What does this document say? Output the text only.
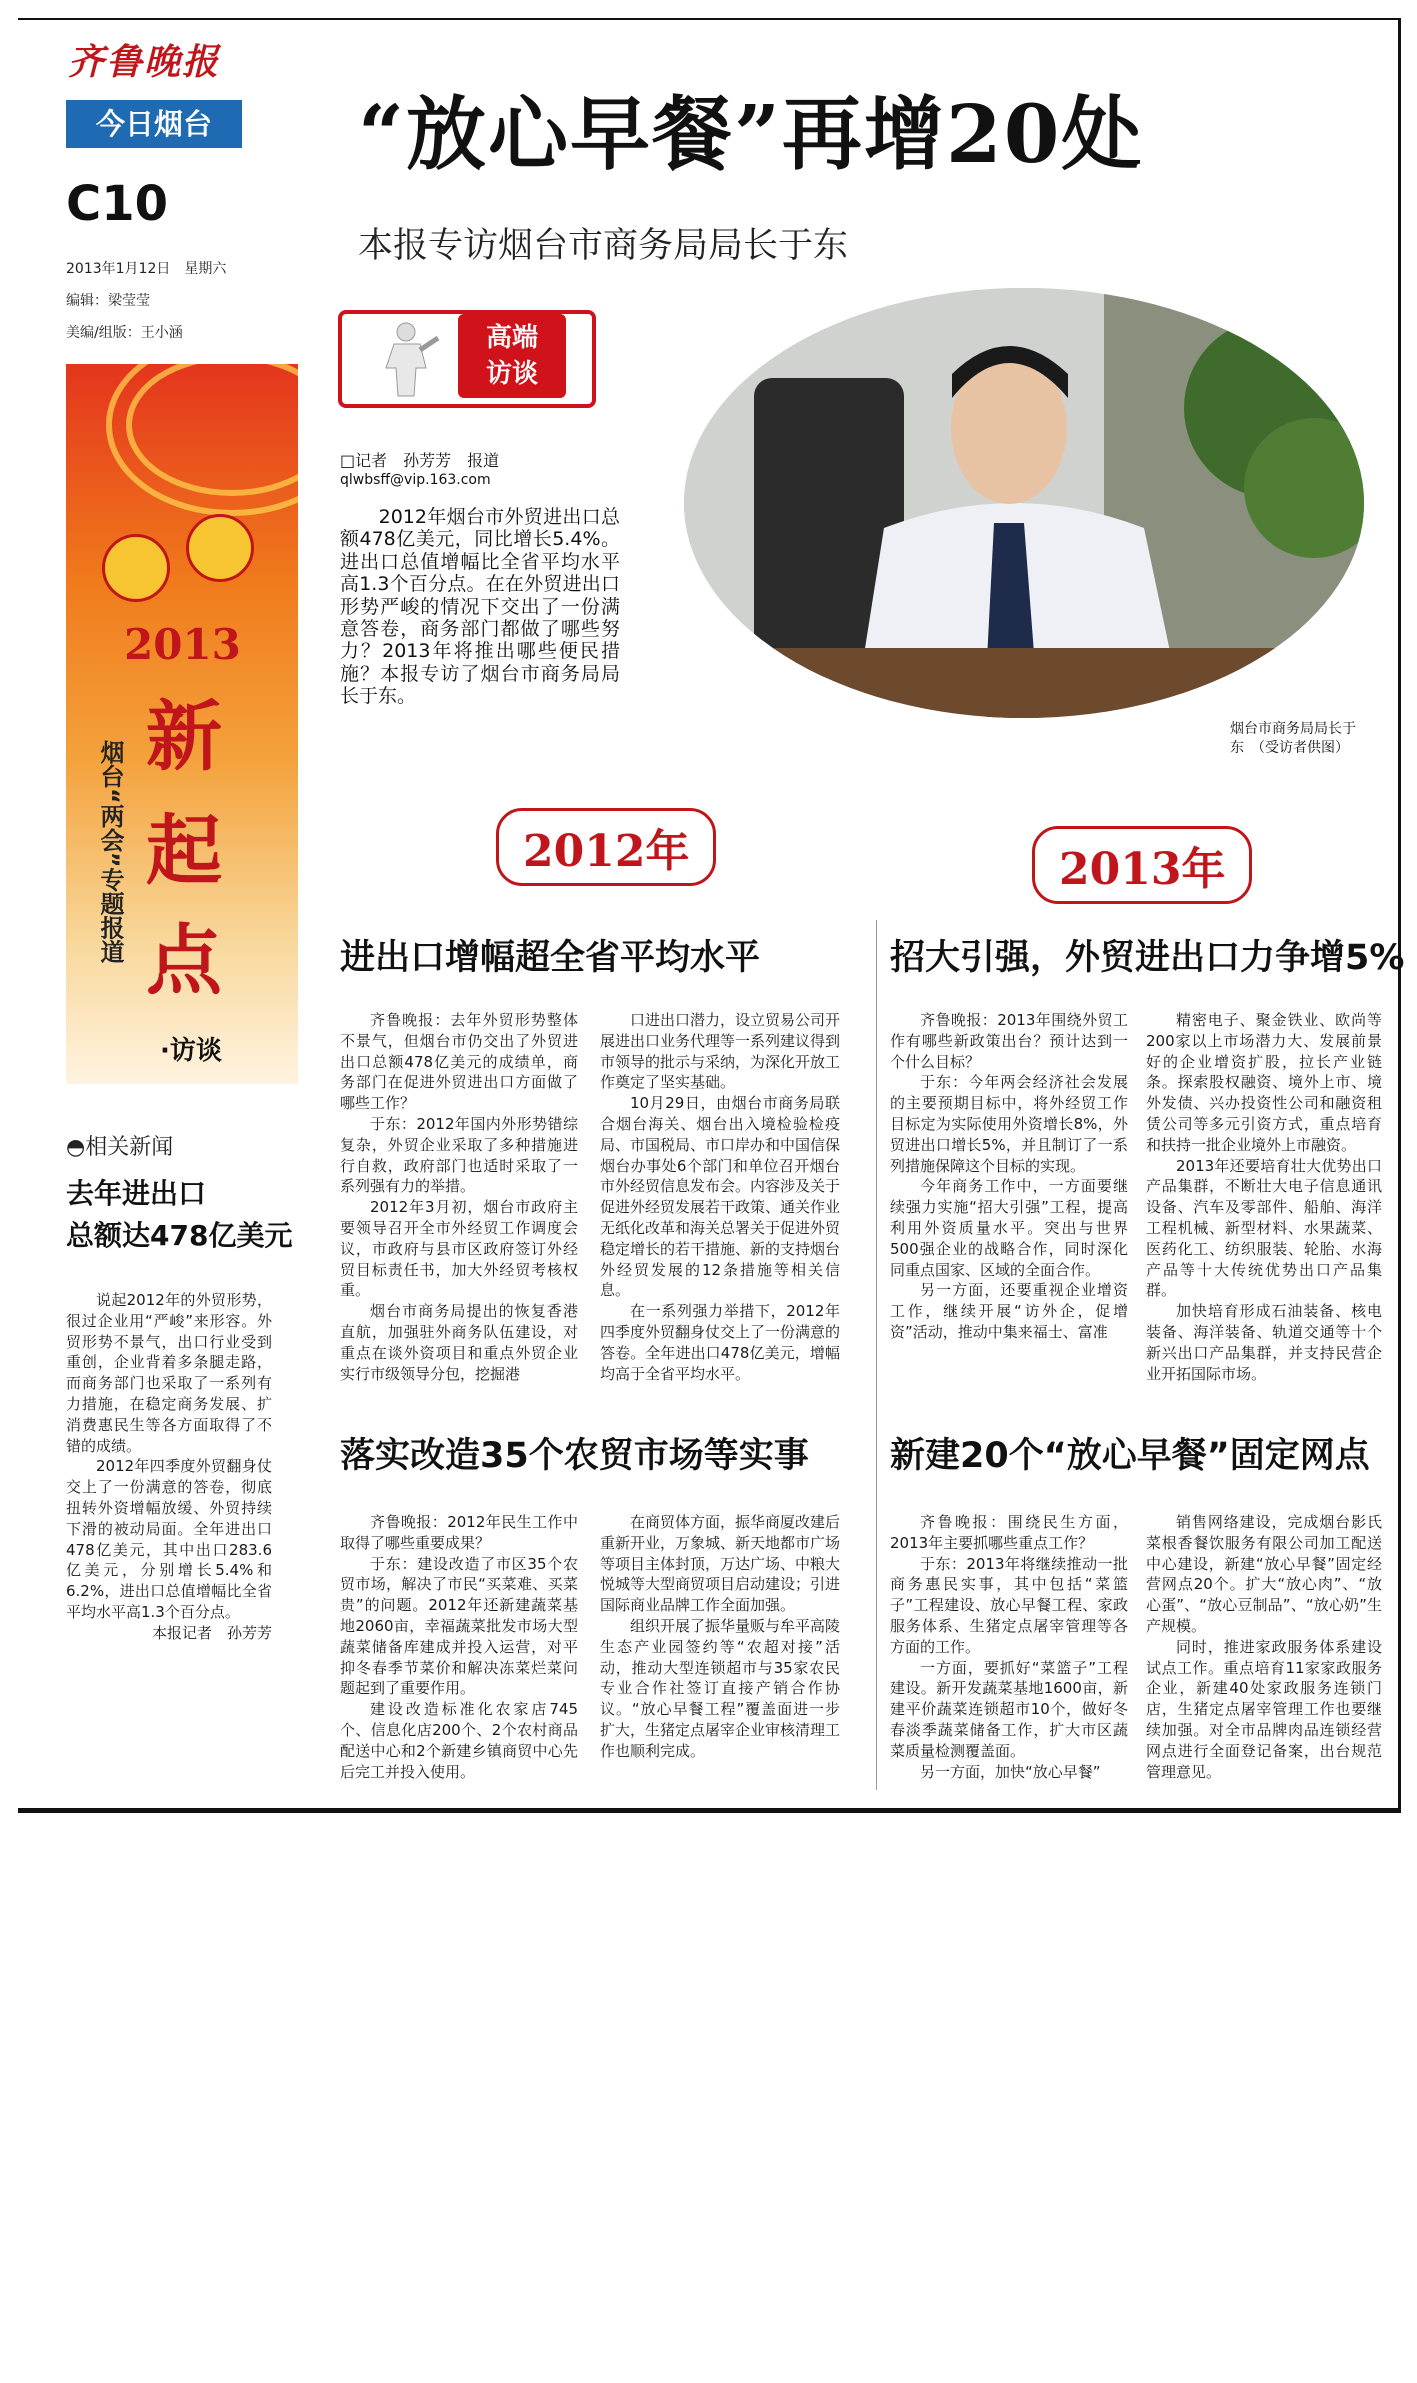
齐鲁晚报
今日烟台
C10
2013年1月12日　星期六
编辑：梁莹莹
美编/组版：王小涵
“放心早餐”再增20处
本报专访烟台市商务局局长于东
高端
访谈
□记者　孙芳芳　报道
qlwbsff@vip.163.com
　　2012年烟台市外贸进出口总额478亿美元，同比增长5.4%。进出口总值增幅比全省平均水平高1.3个百分点。在在外贸进出口形势严峻的情况下交出了一份满意答卷，商务部门都做了哪些努力？2013年将推出哪些便民措施？本报专访了烟台市商务局局长于东。
烟台市商务局局长于东　（受访者供图）
2013
新
起
点
烟台“两会”专题报道
·访谈
◓相关新闻
去年进出口
总额达478亿美元

说起2012年的外贸形势，很过企业用“严峻”来形容。外贸形势不景气，出口行业受到重创，企业背着多条腿走路，而商务部门也采取了一系列有力措施，在稳定商务发展、扩消费惠民生等各方面取得了不错的成绩。

2012年四季度外贸翻身仗交上了一份满意的答卷，彻底扭转外资增幅放缓、外贸持续下滑的被动局面。全年进出口478亿美元，其中出口283.6亿美元，分别增长5.4%和6.2%，进出口总值增幅比全省平均水平高1.3个百分点。

本报记者　孙芳芳

2012年	2013年
进出口增幅超全省平均水平

齐鲁晚报：去年外贸形势整体不景气，但烟台市仍交出了外贸进出口总额478亿美元的成绩单，商务部门在促进外贸进出口方面做了哪些工作？

于东：2012年国内外形势错综复杂，外贸企业采取了多种措施进行自救，政府部门也适时采取了一系列强有力的举措。

2012年3月初，烟台市政府主要领导召开全市外经贸工作调度会议，市政府与县市区政府签订外经贸目标责任书，加大外经贸考核权重。

烟台市商务局提出的恢复香港直航，加强驻外商务队伍建设，对重点在谈外资项目和重点外贸企业实行市级领导分包，挖掘港

口进出口潜力，设立贸易公司开展进出口业务代理等一系列建议得到市领导的批示与采纳，为深化开放工作奠定了坚实基础。

10月29日，由烟台市商务局联合烟台海关、烟台出入境检验检疫局、市国税局、市口岸办和中国信保烟台办事处6个部门和单位召开烟台市外经贸信息发布会。内容涉及关于促进外经贸发展若干政策、通关作业无纸化改革和海关总署关于促进外贸稳定增长的若干措施、新的支持烟台外经贸发展的12条措施等相关信息。

在一系列强力举措下，2012年四季度外贸翻身仗交上了一份满意的答卷。全年进出口478亿美元，增幅均高于全省平均水平。

招大引强，外贸进出口力争增5%

齐鲁晚报：2013年围绕外贸工作有哪些新政策出台？预计达到一个什么目标？

于东：今年两会经济社会发展的主要预期目标中，将外经贸工作目标定为实际使用外资增长8%，外贸进出口增长5%，并且制订了一系列措施保障这个目标的实现。

今年商务工作中，一方面要继续强力实施“招大引强”工程，提高利用外资质量水平。突出与世界500强企业的战略合作，同时深化同重点国家、区域的全面合作。

另一方面，还要重视企业增资工作，继续开展“访外企，促增资”活动，推动中集来福士、富准

精密电子、聚金铁业、欧尚等200家以上市场潜力大、发展前景好的企业增资扩股，拉长产业链条。探索股权融资、境外上市、境外发债、兴办投资性公司和融资租赁公司等多元引资方式，重点培育和扶持一批企业境外上市融资。

2013年还要培育壮大优势出口产品集群，不断壮大电子信息通讯设备、汽车及零部件、船舶、海洋工程机械、新型材料、水果蔬菜、医药化工、纺织服装、轮胎、水海产品等十大传统优势出口产品集群。

加快培育形成石油装备、核电装备、海洋装备、轨道交通等十个新兴出口产品集群，并支持民营企业开拓国际市场。

落实改造35个农贸市场等实事

齐鲁晚报：2012年民生工作中取得了哪些重要成果？

于东：建设改造了市区35个农贸市场，解决了市民“买菜难、买菜贵”的问题。2012年还新建蔬菜基地2060亩，幸福蔬菜批发市场大型蔬菜储备库建成并投入运营，对平抑冬春季节菜价和解决冻菜烂菜问题起到了重要作用。

建设改造标准化农家店745个、信息化店200个、2个农村商品配送中心和2个新建乡镇商贸中心先后完工并投入使用。

在商贸体方面，振华商厦改建后重新开业，万象城、新天地都市广场等项目主体封顶，万达广场、中粮大悦城等大型商贸项目启动建设；引进国际商业品牌工作全面加强。

组织开展了振华量贩与牟平高陵生态产业园签约等“农超对接”活动，推动大型连锁超市与35家农民专业合作社签订直接产销合作协议。“放心早餐工程”覆盖面进一步扩大，生猪定点屠宰企业审核清理工作也顺利完成。

新建20个“放心早餐”固定网点

齐鲁晚报：围绕民生方面，2013年主要抓哪些重点工作？

于东：2013年将继续推动一批商务惠民实事，其中包括“菜篮子”工程建设、放心早餐工程、家政服务体系、生猪定点屠宰管理等各方面的工作。

一方面，要抓好“菜篮子”工程建设。新开发蔬菜基地1600亩，新建平价蔬菜连锁超市10个，做好冬春淡季蔬菜储备工作，扩大市区蔬菜质量检测覆盖面。

另一方面，加快“放心早餐”

销售网络建设，完成烟台影氏菜根香餐饮服务有限公司加工配送中心建设，新建“放心早餐”固定经营网点20个。扩大“放心肉”、“放心蛋”、“放心豆制品”、“放心奶”生产规模。

同时，推进家政服务体系建设试点工作。重点培育11家家政服务企业，新建40处家政服务连锁门店，生猪定点屠宰管理工作也要继续加强。对全市品牌肉品连锁经营网点进行全面登记备案，出台规范管理意见。
